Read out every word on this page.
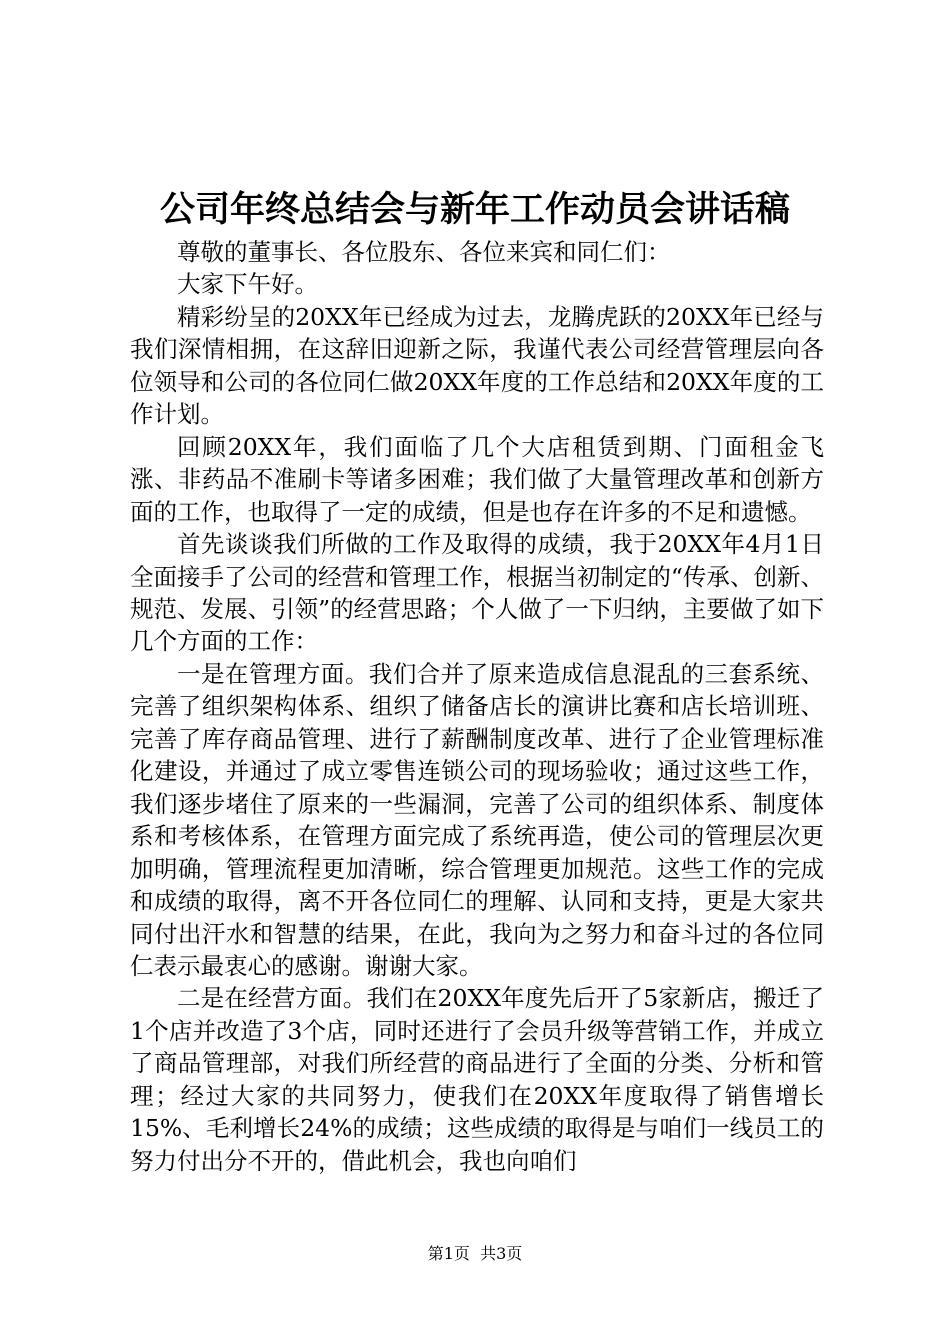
公司年终总结会与新年工作动员会讲话稿

尊敬的董事长、各位股东、各位来宾和同仁们：

大家下午好。

精彩纷呈的20XX年已经成为过去，龙腾虎跃的20XX年已经与我们深情相拥，在这辞旧迎新之际，我谨代表公司经营管理层向各位领导和公司的各位同仁做20XX年度的工作总结和20XX年度的工作计划。

回顾20XX年，我们面临了几个大店租赁到期、门面租金飞涨、非药品不准刷卡等诸多困难；我们做了大量管理改革和创新方面的工作，也取得了一定的成绩，但是也存在许多的不足和遗憾。

首先谈谈我们所做的工作及取得的成绩，我于20XX年4月1日全面接手了公司的经营和管理工作，根据当初制定的“传承、创新、规范、发展、引领”的经营思路；个人做了一下归纳，主要做了如下几个方面的工作：

一是在管理方面。我们合并了原来造成信息混乱的三套系统、完善了组织架构体系、组织了储备店长的演讲比赛和店长培训班、完善了库存商品管理、进行了薪酬制度改革、进行了企业管理标准化建设，并通过了成立零售连锁公司的现场验收；通过这些工作，我们逐步堵住了原来的一些漏洞，完善了公司的组织体系、制度体系和考核体系，在管理方面完成了系统再造，使公司的管理层次更加明确，管理流程更加清晰，综合管理更加规范。这些工作的完成和成绩的取得，离不开各位同仁的理解、认同和支持，更是大家共同付出汗水和智慧的结果，在此，我向为之努力和奋斗过的各位同仁表示最衷心的感谢。谢谢大家。

二是在经营方面。我们在20XX年度先后开了5家新店，搬迁了1个店并改造了3个店，同时还进行了会员升级等营销工作，并成立了商品管理部，对我们所经营的商品进行了全面的分类、分析和管理；经过大家的共同努力，使我们在20XX年度取得了销售增长15%、毛利增长24%的成绩；这些成绩的取得是与咱们一线员工的努力付出分不开的，借此机会，我也向咱们

第1页  共3页
